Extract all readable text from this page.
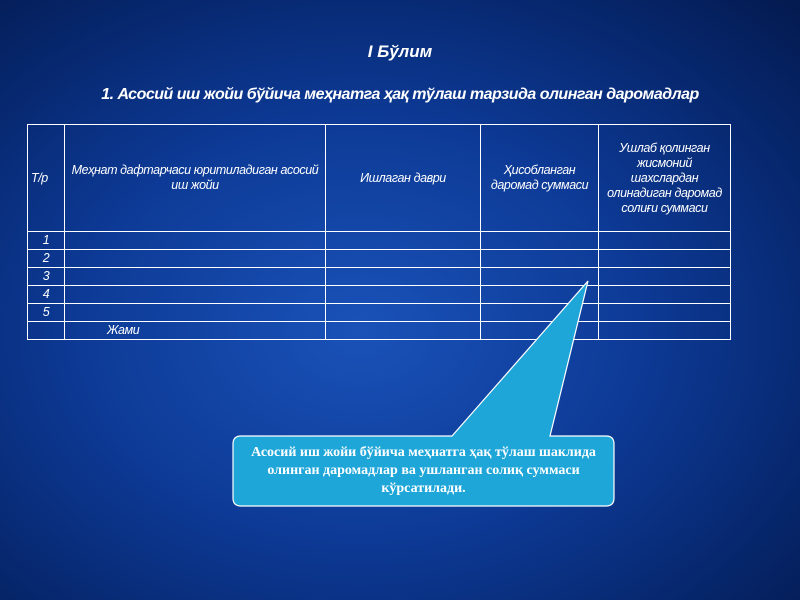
I Бўлим
1. Асосий иш жойи бўйича меҳнатга ҳақ тўлаш тарзида олинган даромадлар
Т/р	Меҳнат дафтарчаси юритиладиган асосий иш жойи	Ишлаган даври	Ҳисобланган даромад суммаси	Ушлаб қолинган жисмоний шахслардан олинадиган даромад солиғи суммаси
1				
2				
3				
4				
5				
	Жами			
Асосий иш жойи бўйича меҳнатга ҳақ тўлаш шаклида олинган даромадлар ва ушланган солиқ суммаси кўрсатилади.
